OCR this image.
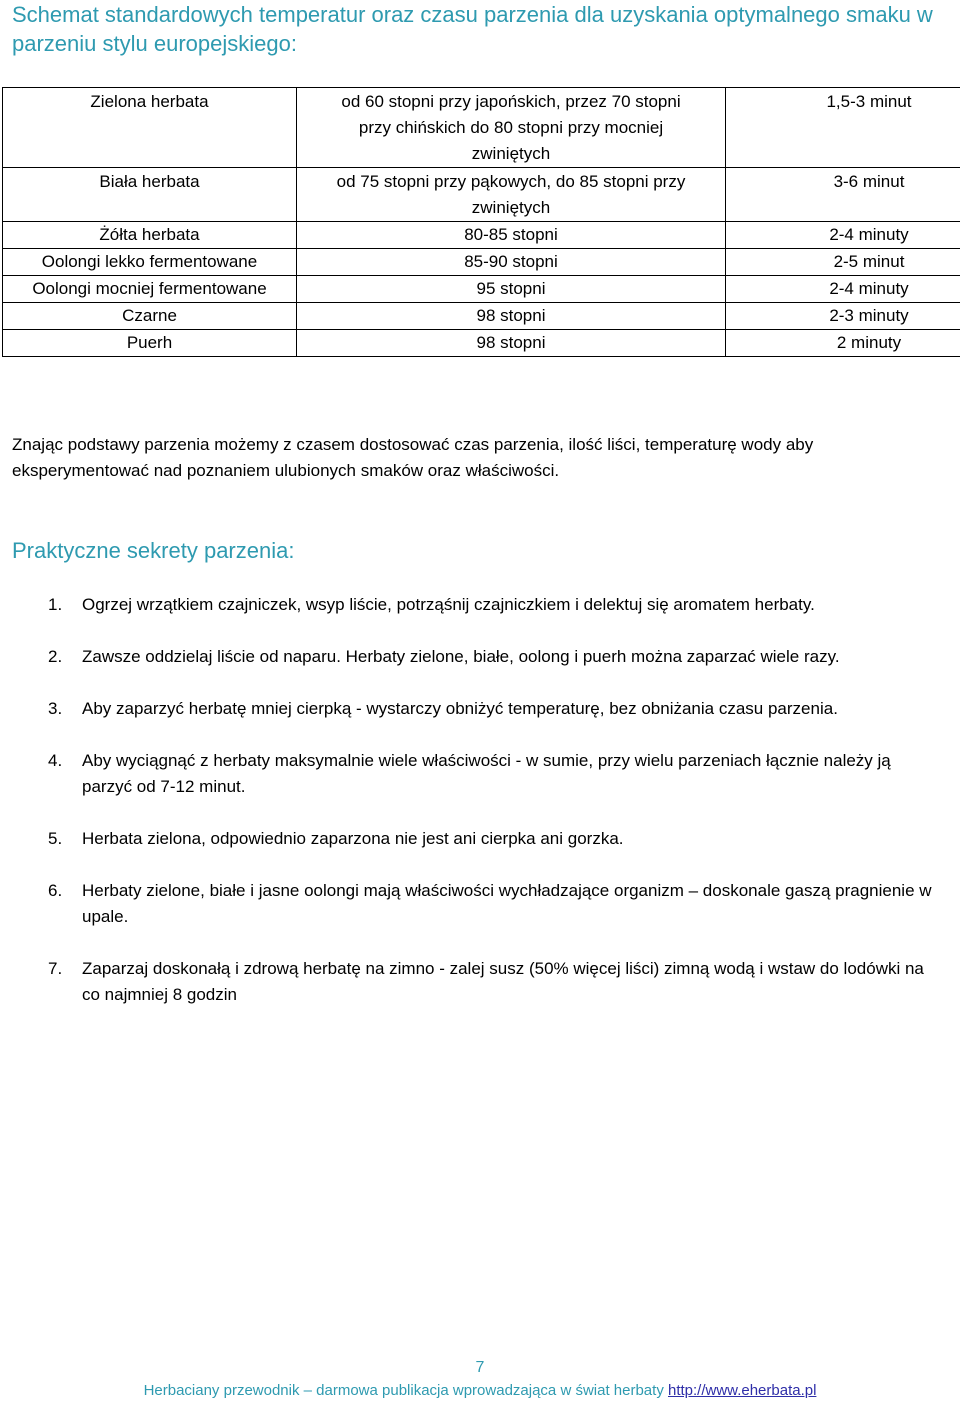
Schemat standardowych temperatur oraz czasu parzenia dla uzyskania optymalnego smaku w parzeniu stylu europejskiego:
Zielona herbata	od 60 stopni przy japońskich, przez 70 stopni przy chińskich do 80 stopni przy mocniej zwiniętych	1,5-3 minut
Biała herbata	od 75 stopni przy pąkowych, do 85 stopni przy zwiniętych	3-6 minut
Żółta herbata	80-85 stopni	2-4 minuty
Oolongi lekko fermentowane	85-90 stopni	2-5 minut
Oolongi mocniej fermentowane	95 stopni	2-4 minuty
Czarne	98 stopni	2-3 minuty
Puerh	98 stopni	2 minuty
Znając podstawy parzenia możemy z czasem dostosować czas parzenia, ilość liści, temperaturę wody aby eksperymentować nad poznaniem ulubionych smaków oraz właściwości.
Praktyczne sekrety parzenia:
1. Ogrzej wrzątkiem czajniczek, wsyp liście, potrząśnij czajniczkiem i delektuj się aromatem herbaty.
2. Zawsze oddzielaj liście od naparu. Herbaty zielone, białe, oolong i puerh można zaparzać wiele razy.
3. Aby zaparzyć herbatę mniej cierpką - wystarczy obniżyć temperaturę, bez obniżania czasu parzenia.
4. Aby wyciągnąć z herbaty maksymalnie wiele właściwości - w sumie, przy wielu parzeniach łącznie należy ją parzyć od 7-12 minut.
5. Herbata zielona, odpowiednio zaparzona nie jest ani cierpka ani gorzka.
6. Herbaty zielone, białe i jasne oolongi mają właściwości wychładzające organizm – doskonale gaszą pragnienie w upale.
7. Zaparzaj doskonałą i zdrową herbatę na zimno - zalej susz (50% więcej liści) zimną wodą i wstaw do lodówki na co najmniej 8 godzin
7
Herbaciany przewodnik – darmowa publikacja wprowadzająca w świat herbaty http://www.eherbata.pl
